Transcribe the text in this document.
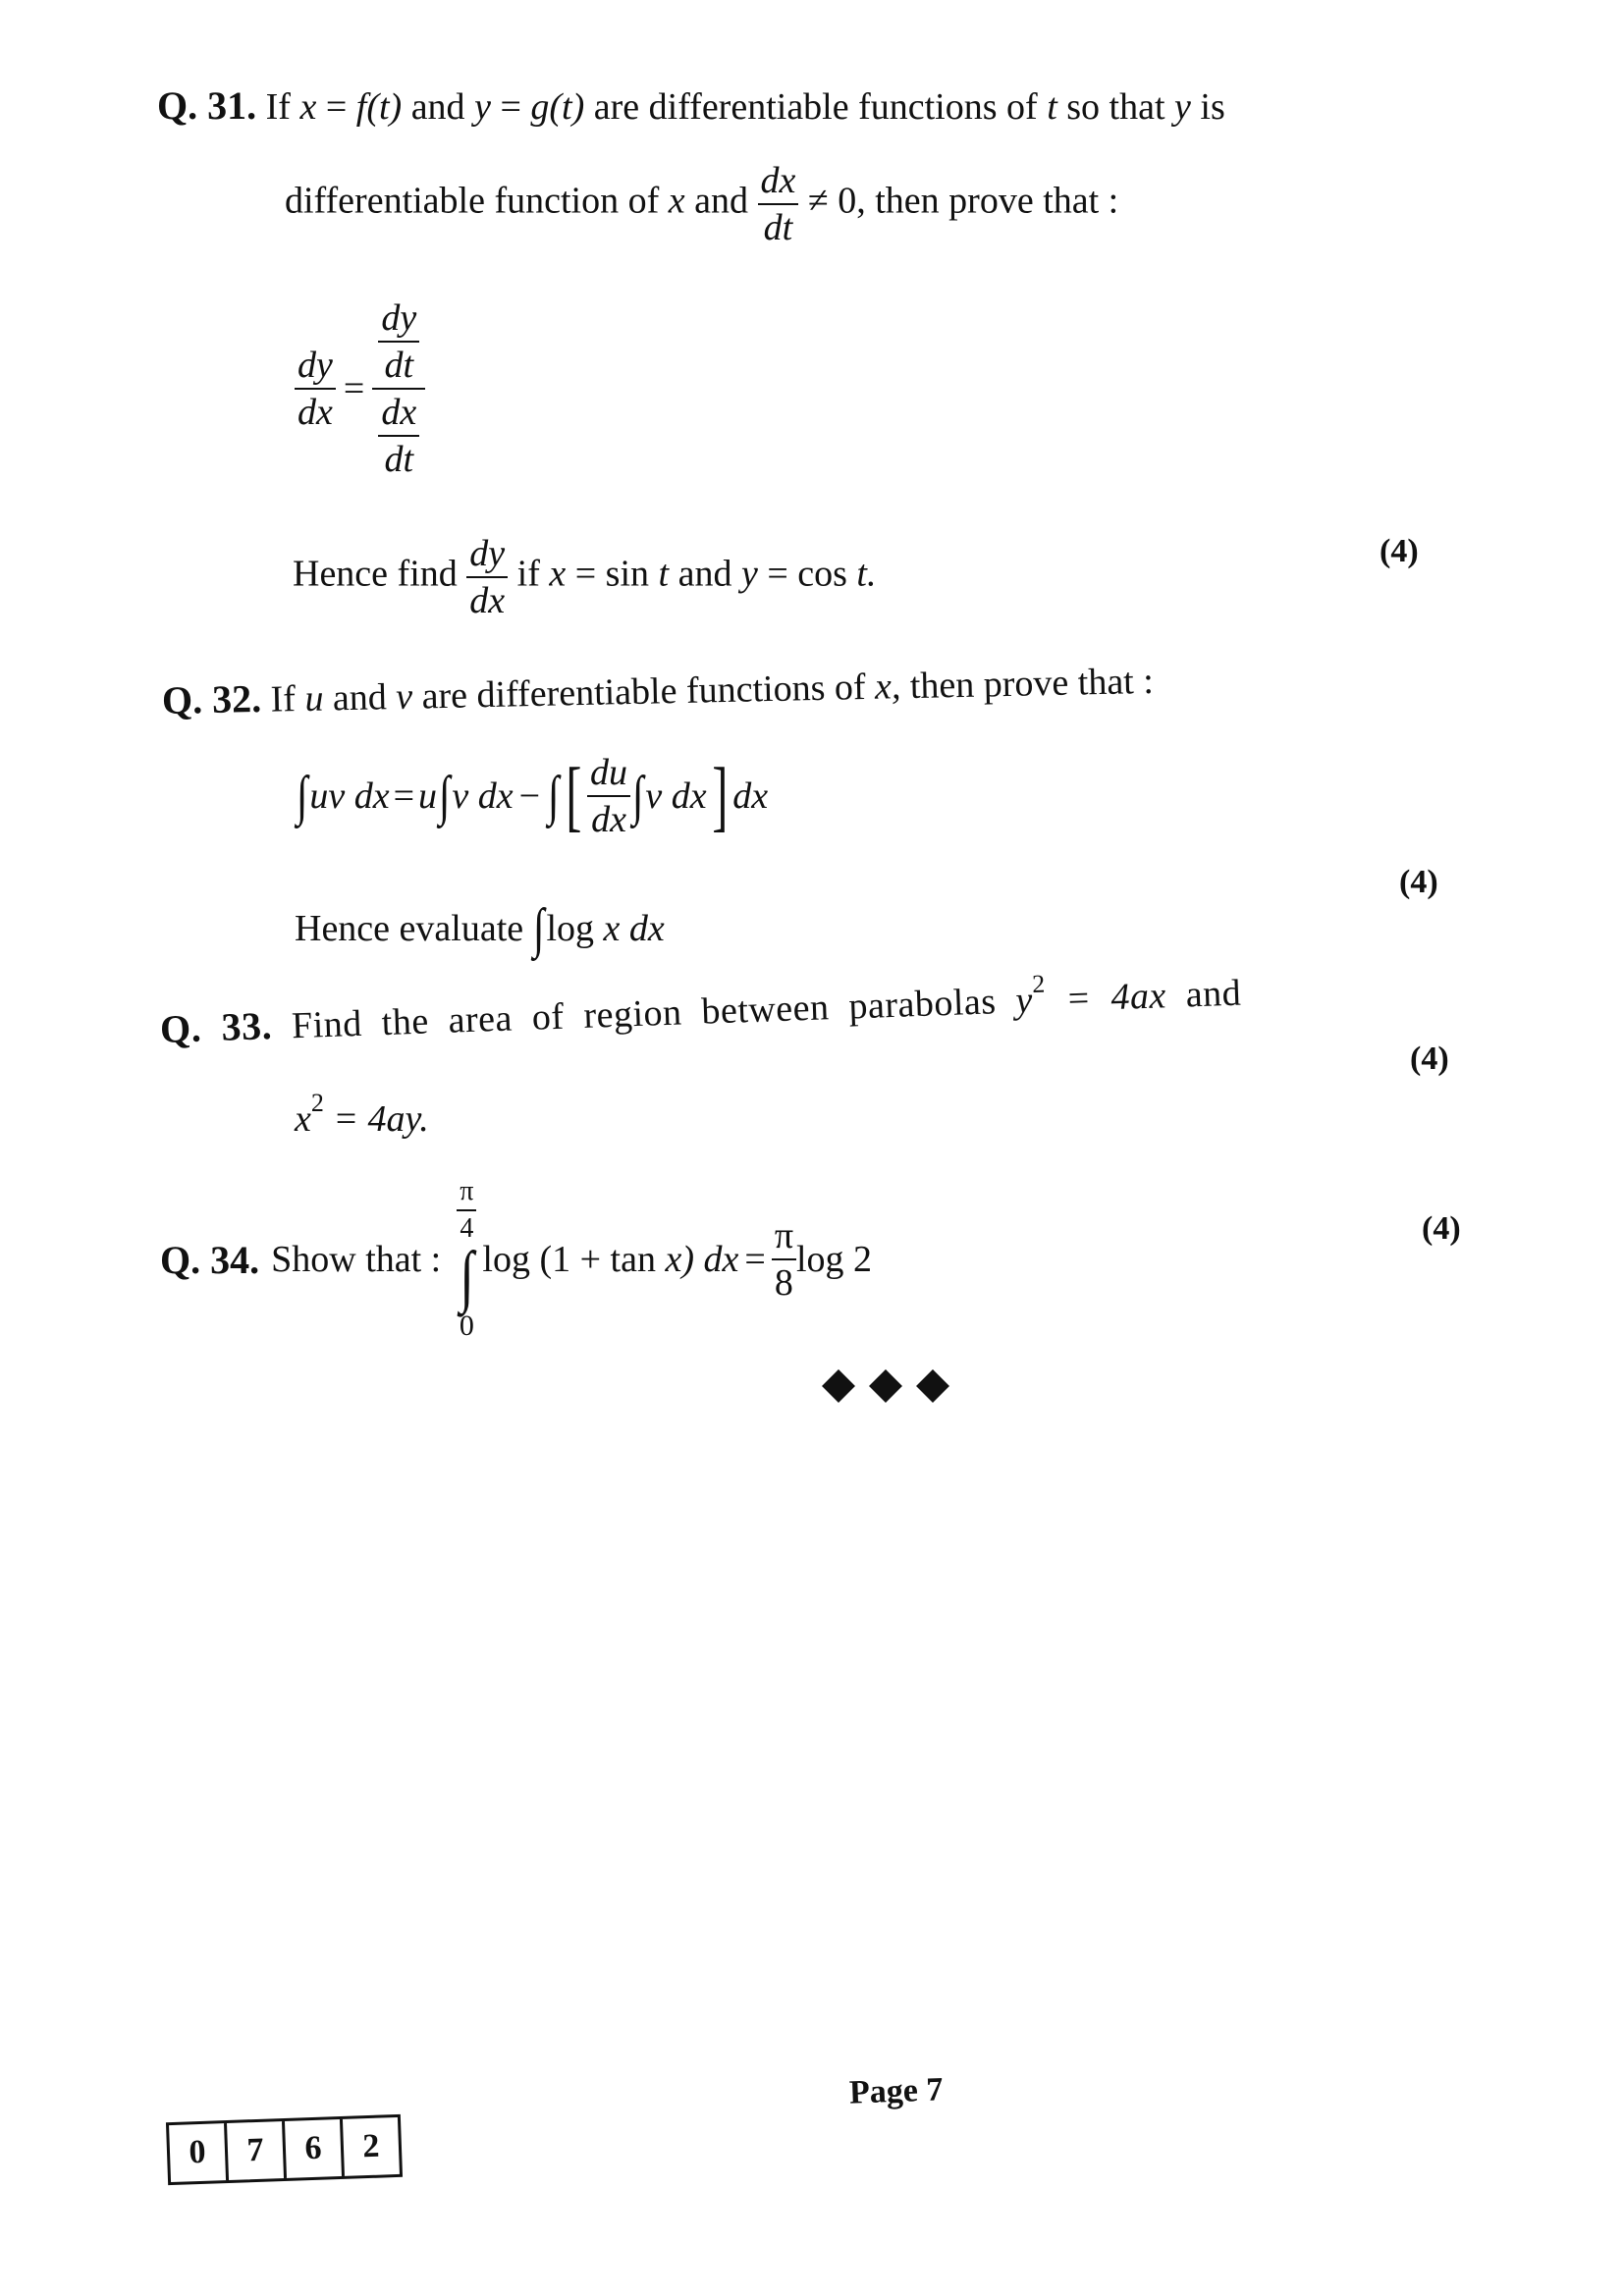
Q. 31. If x = f(t) and y = g(t) are differentiable functions of t so that y is
differentiable function of x and $\frac{dx}{dt} \ne 0$, then prove that :
$\frac{dy}{dx} = \frac{\frac{dy}{dt}}{\frac{dx}{dt}}$
Hence find $\frac{dy}{dx}$ if x = sin t and y = cos t.
(4)
Q. 32. If u and v are differentiable functions of x, then prove that :
∫ uv dx = u ∫ v dx − ∫ [ $\frac{du}{dx}$ ∫ v dx ] dx
Hence evaluate ∫ log
x
dx
(4)
Q. 33. Find the area of region between parabolas $y^2 = 4ax$ and
$x^2 = 4ay$.
(4)
Q. 34. Show that :
$\frac{\pi}{4}$
∫
0
log (1 + tan
x)
dx = $\frac{\pi}{8}$ log 2
(4)

Page 7
0	7	6	2
